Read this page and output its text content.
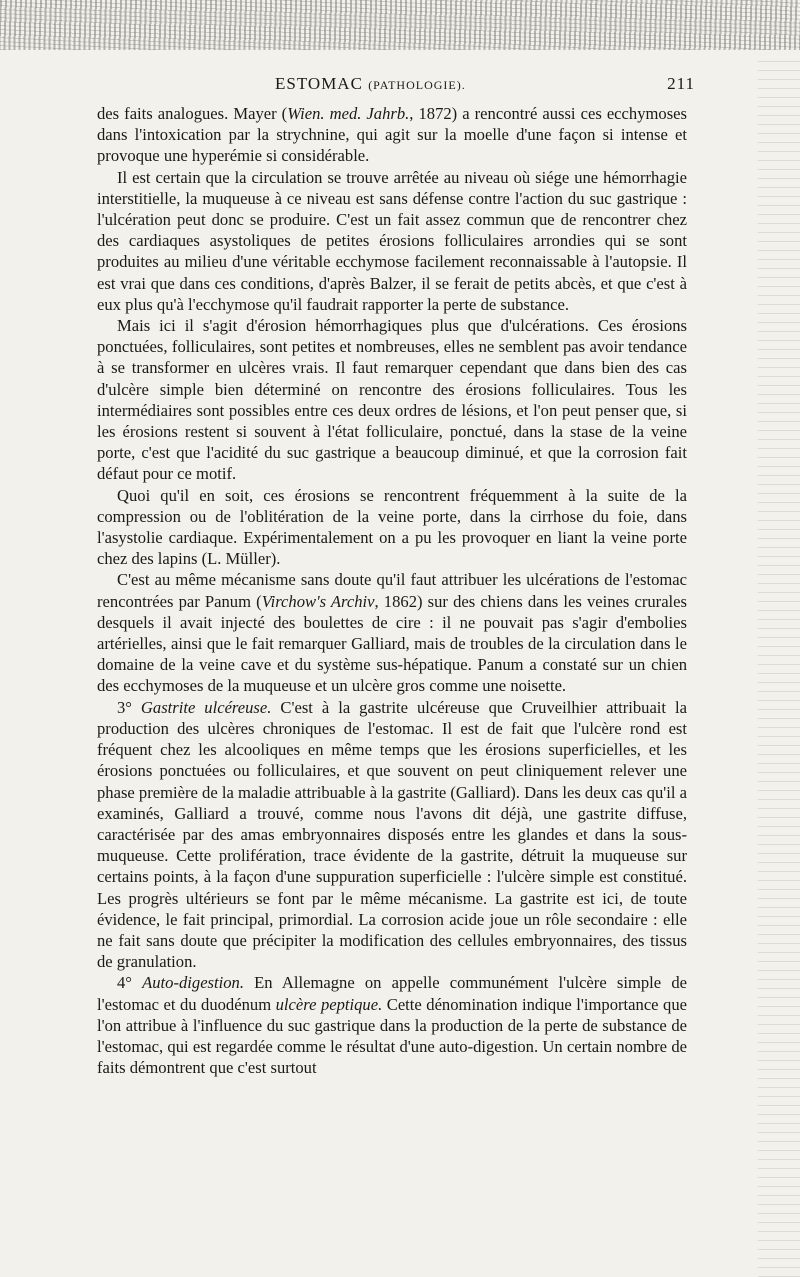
ESTOMAC (PATHOLOGIE).	211

des faits analogues. Mayer (Wien. med. Jahrb., 1872) a rencontré aussi ces ecchymoses dans l'intoxication par la strychnine, qui agit sur la moelle d'une façon si intense et provoque une hyperémie si considérable.

Il est certain que la circulation se trouve arrêtée au niveau où siége une hémorrhagie interstitielle, la muqueuse à ce niveau est sans défense contre l'action du suc gastrique : l'ulcération peut donc se produire. C'est un fait assez commun que de rencontrer chez des cardiaques asystoliques de petites érosions folliculaires arrondies qui se sont produites au milieu d'une véritable ecchymose facilement reconnaissable à l'autopsie. Il est vrai que dans ces conditions, d'après Balzer, il se ferait de petits abcès, et que c'est à eux plus qu'à l'ecchymose qu'il faudrait rapporter la perte de substance.

Mais ici il s'agit d'érosion hémorrhagiques plus que d'ulcérations. Ces érosions ponctuées, folliculaires, sont petites et nombreuses, elles ne semblent pas avoir tendance à se transformer en ulcères vrais. Il faut remarquer cependant que dans bien des cas d'ulcère simple bien déterminé on rencontre des érosions folliculaires. Tous les intermédiaires sont possibles entre ces deux ordres de lésions, et l'on peut penser que, si les érosions restent si souvent à l'état folliculaire, ponctué, dans la stase de la veine porte, c'est que l'acidité du suc gastrique a beaucoup diminué, et que la corrosion fait défaut pour ce motif.

Quoi qu'il en soit, ces érosions se rencontrent fréquemment à la suite de la compression ou de l'oblitération de la veine porte, dans la cirrhose du foie, dans l'asystolie cardiaque. Expérimentalement on a pu les provoquer en liant la veine porte chez des lapins (L. Müller).

C'est au même mécanisme sans doute qu'il faut attribuer les ulcérations de l'estomac rencontrées par Panum (Virchow's Archiv, 1862) sur des chiens dans les veines crurales desquels il avait injecté des boulettes de cire : il ne pouvait pas s'agir d'embolies artérielles, ainsi que le fait remarquer Galliard, mais de troubles de la circulation dans le domaine de la veine cave et du système sus-hépatique. Panum a constaté sur un chien des ecchymoses de la muqueuse et un ulcère gros comme une noisette.

3° Gastrite ulcéreuse. C'est à la gastrite ulcéreuse que Cruveilhier attribuait la production des ulcères chroniques de l'estomac. Il est de fait que l'ulcère rond est fréquent chez les alcooliques en même temps que les érosions superficielles, et les érosions ponctuées ou folliculaires, et que souvent on peut cliniquement relever une phase première de la maladie attribuable à la gastrite (Galliard). Dans les deux cas qu'il a examinés, Galliard a trouvé, comme nous l'avons dit déjà, une gastrite diffuse, caractérisée par des amas embryonnaires disposés entre les glandes et dans la sous-muqueuse. Cette prolifération, trace évidente de la gastrite, détruit la muqueuse sur certains points, à la façon d'une suppuration superficielle : l'ulcère simple est constitué. Les progrès ultérieurs se font par le même mécanisme. La gastrite est ici, de toute évidence, le fait principal, primordial. La corrosion acide joue un rôle secondaire : elle ne fait sans doute que précipiter la modification des cellules embryonnaires, des tissus de granulation.

4° Auto-digestion. En Allemagne on appelle communément l'ulcère simple de l'estomac et du duodénum ulcère peptique. Cette dénomination indique l'importance que l'on attribue à l'influence du suc gastrique dans la production de la perte de substance de l'estomac, qui est regardée comme le résultat d'une auto-digestion. Un certain nombre de faits démontrent que c'est surtout
